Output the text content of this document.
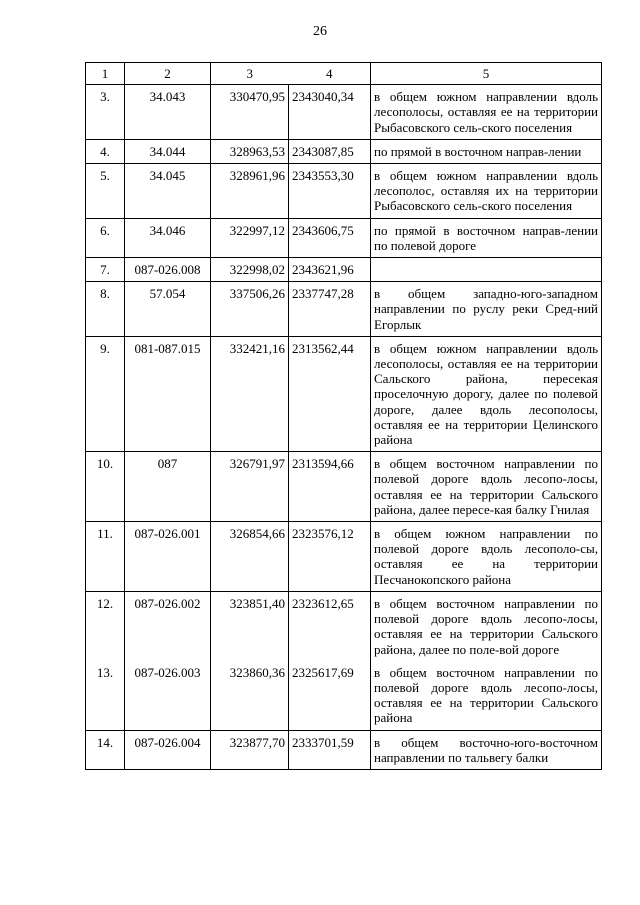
26
1	2	3	4	5
3.	34.043	330470,95	2343040,34	в общем южном направлении вдоль лесополосы, оставляя ее на территории Рыбасовского сель-ского поселения
4.	34.044	328963,53	2343087,85	по прямой в восточном направ-лении
5.	34.045	328961,96	2343553,30	в общем южном направлении вдоль лесополос, оставляя их на территории Рыбасовского сель-ского поселения
6.	34.046	322997,12	2343606,75	по прямой в восточном направ-лении по полевой дороге
7.	087-026.008	322998,02	2343621,96	
8.	57.054	337506,26	2337747,28	в общем западно-юго-западном направлении по руслу реки Сред-ний Егорлык
9.	081-087.015	332421,16	2313562,44	в общем южном направлении вдоль лесополосы, оставляя ее на территории Сальского района, пересекая проселочную дорогу, далее по полевой дороге, далее вдоль лесополосы, оставляя ее на территории Целинского района
10.	087	326791,97	2313594,66	в общем восточном направлении по полевой дороге вдоль лесопо-лосы, оставляя ее на территории Сальского района, далее пересе-кая балку Гнилая
11.	087-026.001	326854,66	2323576,12	в общем южном направлении по полевой дороге вдоль лесополо-сы, оставляя ее на территории Песчанокопского района
12.	087-026.002	323851,40	2323612,65	в общем восточном направлении по полевой дороге вдоль лесопо-лосы, оставляя ее на территории Сальского района, далее по поле-вой дороге
13.	087-026.003	323860,36	2325617,69	в общем восточном направлении по полевой дороге вдоль лесопо-лосы, оставляя ее на территории Сальского района
14.	087-026.004	323877,70	2333701,59	в общем восточно-юго-восточном направлении по тальвегу балки
